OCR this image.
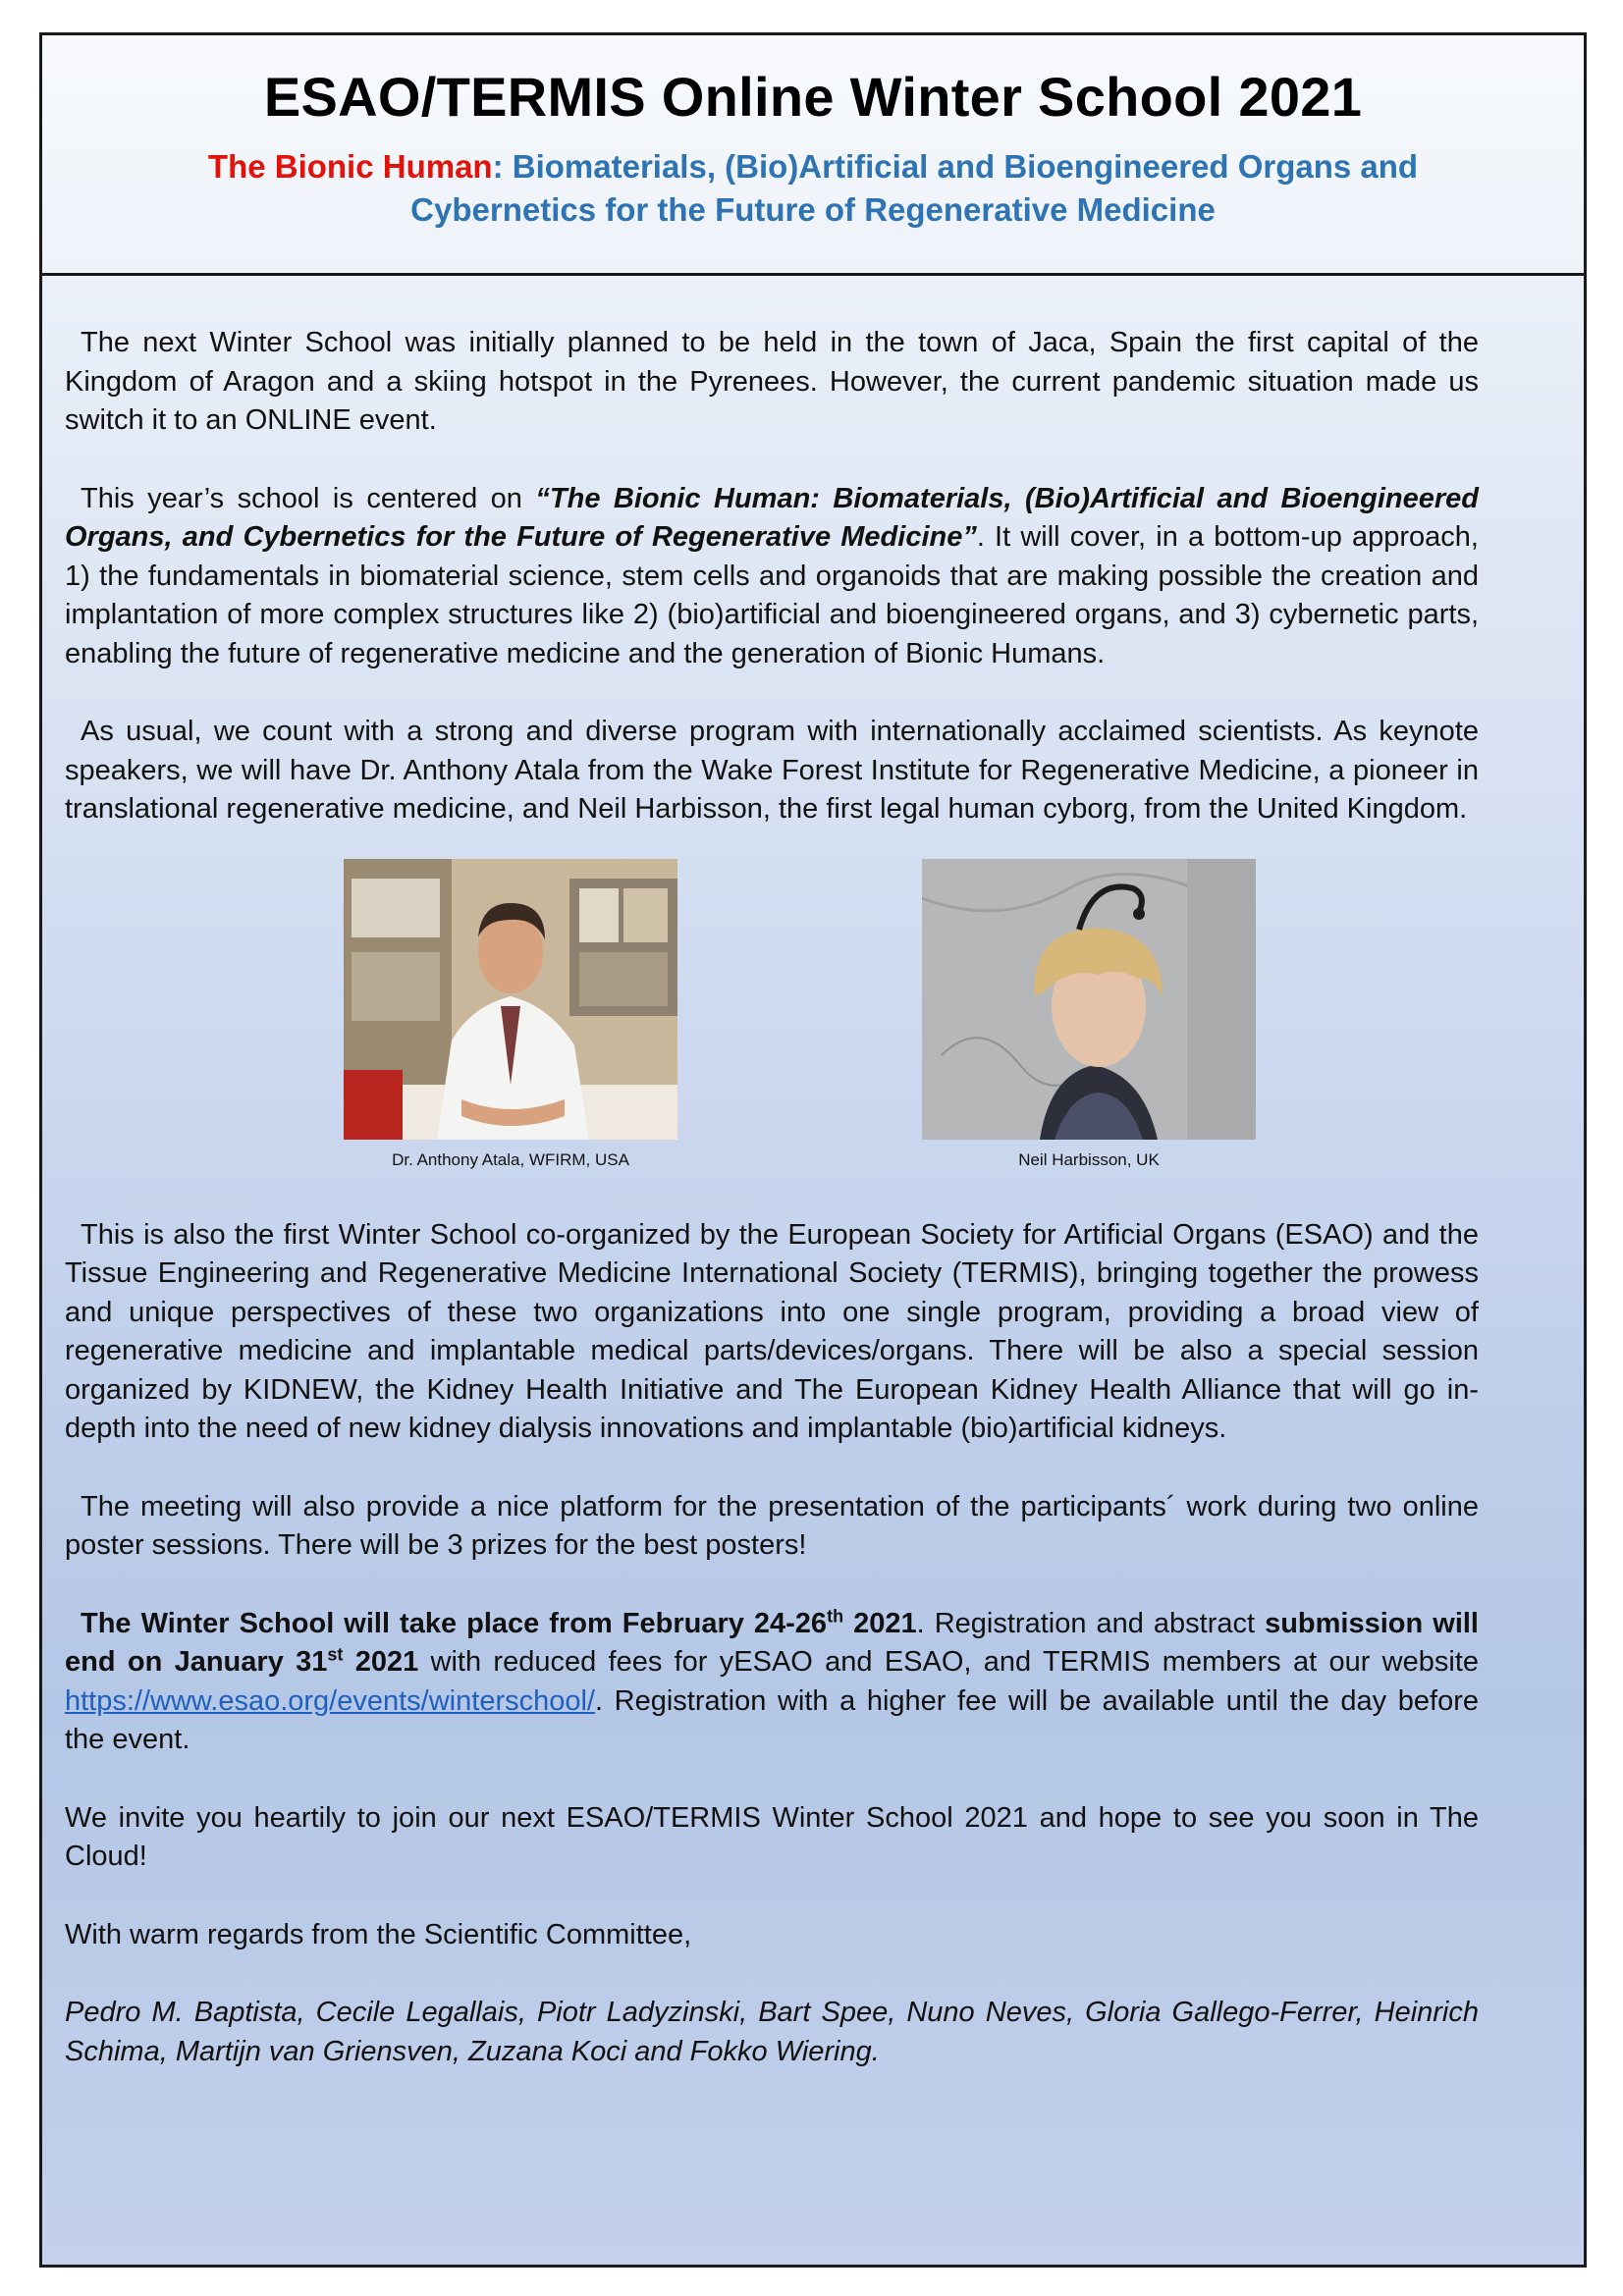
ESAO/TERMIS Online Winter School 2021
The Bionic Human: Biomaterials, (Bio)Artificial and Bioengineered Organs and Cybernetics for the Future of Regenerative Medicine

The next Winter School was initially planned to be held in the town of Jaca, Spain the first capital of the Kingdom of Aragon and a skiing hotspot in the Pyrenees. However, the current pandemic situation made us switch it to an ONLINE event.

This year’s school is centered on “The Bionic Human: Biomaterials, (Bio)Artificial and Bioengineered Organs, and Cybernetics for the Future of Regenerative Medicine”. It will cover, in a bottom-up approach, 1) the fundamentals in biomaterial science, stem cells and organoids that are making possible the creation and implantation of more complex structures like 2) (bio)artificial and bioengineered organs, and 3) cybernetic parts, enabling the future of regenerative medicine and the generation of Bionic Humans.

As usual, we count with a strong and diverse program with internationally acclaimed scientists. As keynote speakers, we will have Dr. Anthony Atala from the Wake Forest Institute for Regenerative Medicine, a pioneer in translational regenerative medicine, and Neil Harbisson, the first legal human cyborg, from the United Kingdom.

Dr. Anthony Atala, WFIRM, USA	Neil Harbisson, UK

This is also the first Winter School co-organized by the European Society for Artificial Organs (ESAO) and the Tissue Engineering and Regenerative Medicine International Society (TERMIS), bringing together the prowess and unique perspectives of these two organizations into one single program, providing a broad view of regenerative medicine and implantable medical parts/devices/organs. There will be also a special session organized by KIDNEW, the Kidney Health Initiative and The European Kidney Health Alliance that will go in-depth into the need of new kidney dialysis innovations and implantable (bio)artificial kidneys.

The meeting will also provide a nice platform for the presentation of the participants´ work during two online poster sessions. There will be 3 prizes for the best posters!

The Winter School will take place from February 24-26th 2021. Registration and abstract submission will end on January 31st 2021 with reduced fees for yESAO and ESAO, and TERMIS members at our website https://www.esao.org/events/winterschool/. Registration with a higher fee will be available until the day before the event.

We invite you heartily to join our next ESAO/TERMIS Winter School 2021 and hope to see you soon in The Cloud!

With warm regards from the Scientific Committee,

Pedro M. Baptista, Cecile Legallais, Piotr Ladyzinski, Bart Spee, Nuno Neves, Gloria Gallego-Ferrer, Heinrich Schima, Martijn van Griensven, Zuzana Koci and Fokko Wiering.
